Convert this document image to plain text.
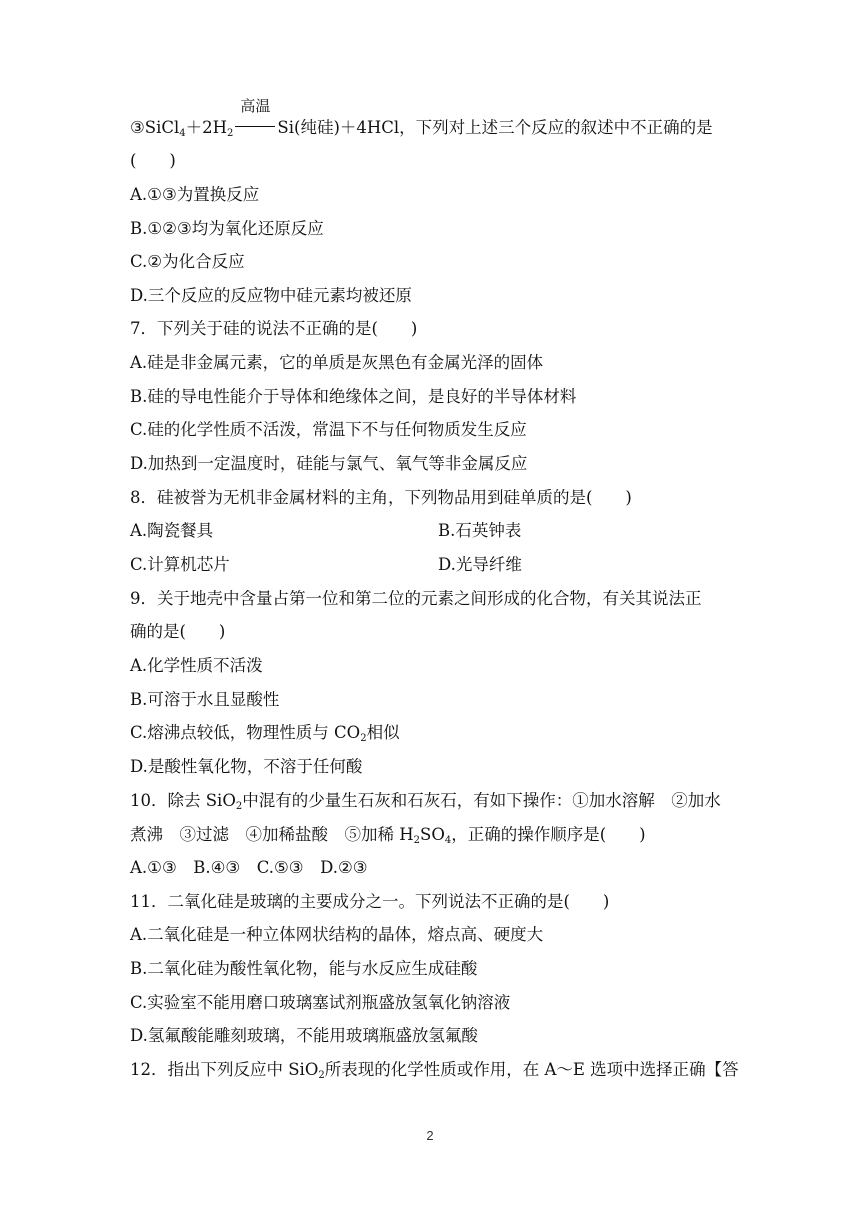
$③SiCl_4+2H_2$
高温
Si(纯硅)＋4HCl，下列对上述三个反应的叙述中不正确的是
(　　)
A.①③为置换反应
B.①②③均为氧化还原反应
C.②为化合反应
D.三个反应的反应物中硅元素均被还原
7．下列关于硅的说法不正确的是(　　)
A.硅是非金属元素，它的单质是灰黑色有金属光泽的固体
B.硅的导电性能介于导体和绝缘体之间，是良好的半导体材料
C.硅的化学性质不活泼，常温下不与任何物质发生反应
D.加热到一定温度时，硅能与氯气、氧气等非金属反应
8．硅被誉为无机非金属材料的主角，下列物品用到硅单质的是(　　)
A.陶瓷餐具	B.石英钟表
C.计算机芯片	D.光导纤维
9．关于地壳中含量占第一位和第二位的元素之间形成的化合物，有关其说法正
确的是(　　)
A.化学性质不活泼
B.可溶于水且显酸性
C.熔沸点较低，物理性质与 $CO_2$相似
D.是酸性氧化物，不溶于任何酸
10．除去 SiO$_2$中混有的少量生石灰和石灰石，有如下操作：①加水溶解　②加水
煮沸　③过滤　④加稀盐酸　⑤加稀 $H_2SO_4$，正确的操作顺序是(　　)
A.①③　B.④③　C.⑤③　D.②③
11．二氧化硅是玻璃的主要成分之一。下列说法不正确的是(　　)
A.二氧化硅是一种立体网状结构的晶体，熔点高、硬度大
B.二氧化硅为酸性氧化物，能与水反应生成硅酸
C.实验室不能用磨口玻璃塞试剂瓶盛放氢氧化钠溶液
D.氢氟酸能雕刻玻璃，不能用玻璃瓶盛放氢氟酸
12．指出下列反应中 SiO$_2$所表现的化学性质或作用，在 A～E 选项中选择正确【答
2
